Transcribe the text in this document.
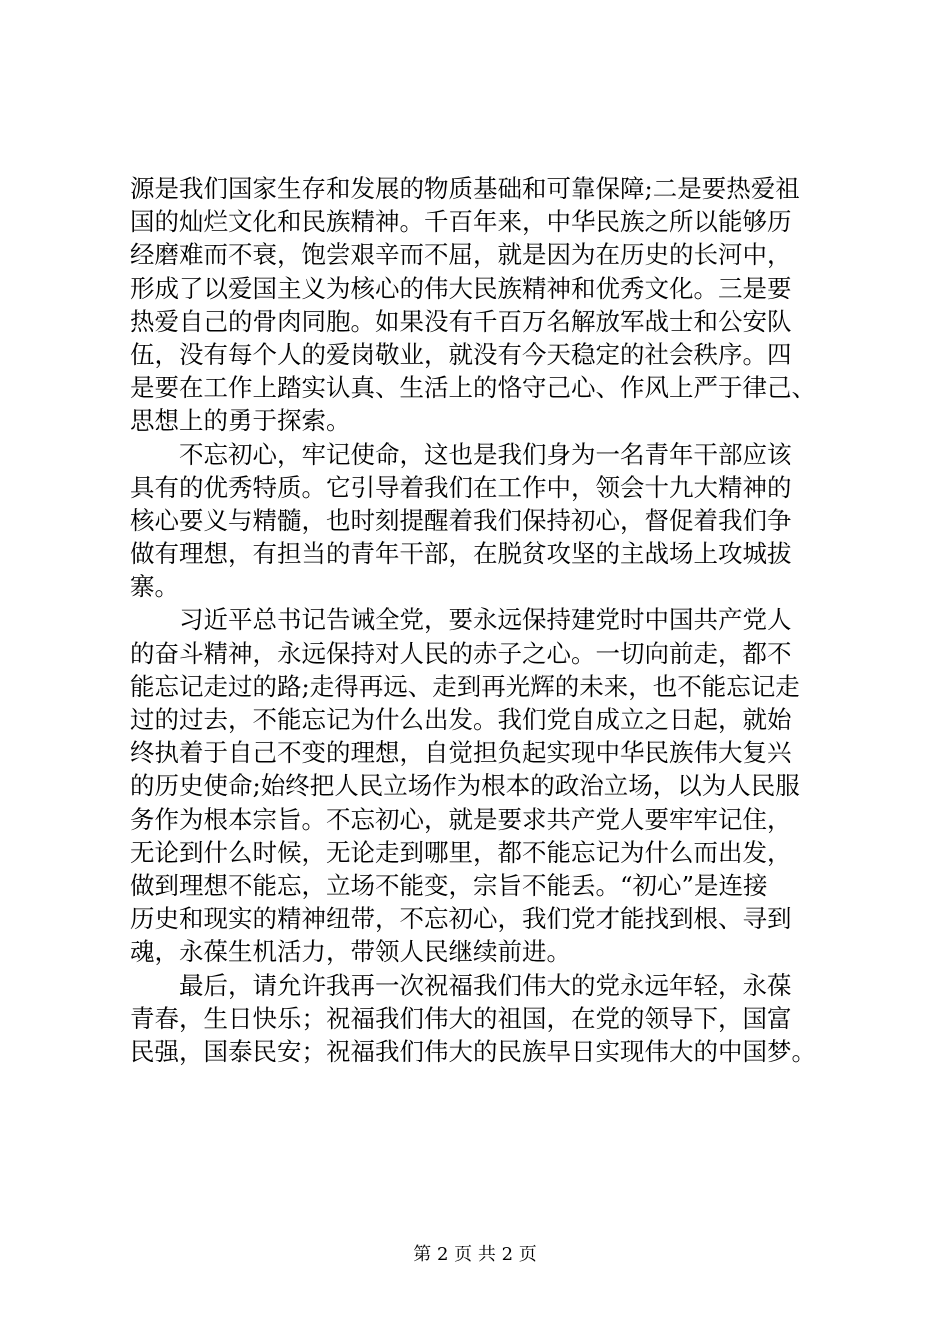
源是我们国家生存和发展的物质基础和可靠保障;二是要热爱祖
国的灿烂文化和民族精神。千百年来，中华民族之所以能够历
经磨难而不衰，饱尝艰辛而不屈，就是因为在历史的长河中，
形成了以爱国主义为核心的伟大民族精神和优秀文化。三是要
热爱自己的骨肉同胞。如果没有千百万名解放军战士和公安队
伍，没有每个人的爱岗敬业，就没有今天稳定的社会秩序。四
是要在工作上踏实认真、生活上的恪守己心、作风上严于律己、
思想上的勇于探索。
不忘初心，牢记使命，这也是我们身为一名青年干部应该
具有的优秀特质。它引导着我们在工作中，领会十九大精神的
核心要义与精髓，也时刻提醒着我们保持初心，督促着我们争
做有理想，有担当的青年干部，在脱贫攻坚的主战场上攻城拔
寨。
习近平总书记告诫全党，要永远保持建党时中国共产党人
的奋斗精神，永远保持对人民的赤子之心。一切向前走，都不
能忘记走过的路;走得再远、走到再光辉的未来，也不能忘记走
过的过去，不能忘记为什么出发。我们党自成立之日起，就始
终执着于自己不变的理想，自觉担负起实现中华民族伟大复兴
的历史使命;始终把人民立场作为根本的政治立场，以为人民服
务作为根本宗旨。不忘初心，就是要求共产党人要牢牢记住，
无论到什么时候，无论走到哪里，都不能忘记为什么而出发，
做到理想不能忘，立场不能变，宗旨不能丢。“初心”是连接
历史和现实的精神纽带，不忘初心，我们党才能找到根、寻到
魂，永葆生机活力，带领人民继续前进。
最后，请允许我再一次祝福我们伟大的党永远年轻，永葆
青春，生日快乐；祝福我们伟大的祖国，在党的领导下，国富
民强，国泰民安；祝福我们伟大的民族早日实现伟大的中国梦。
第 2 页 共 2 页
